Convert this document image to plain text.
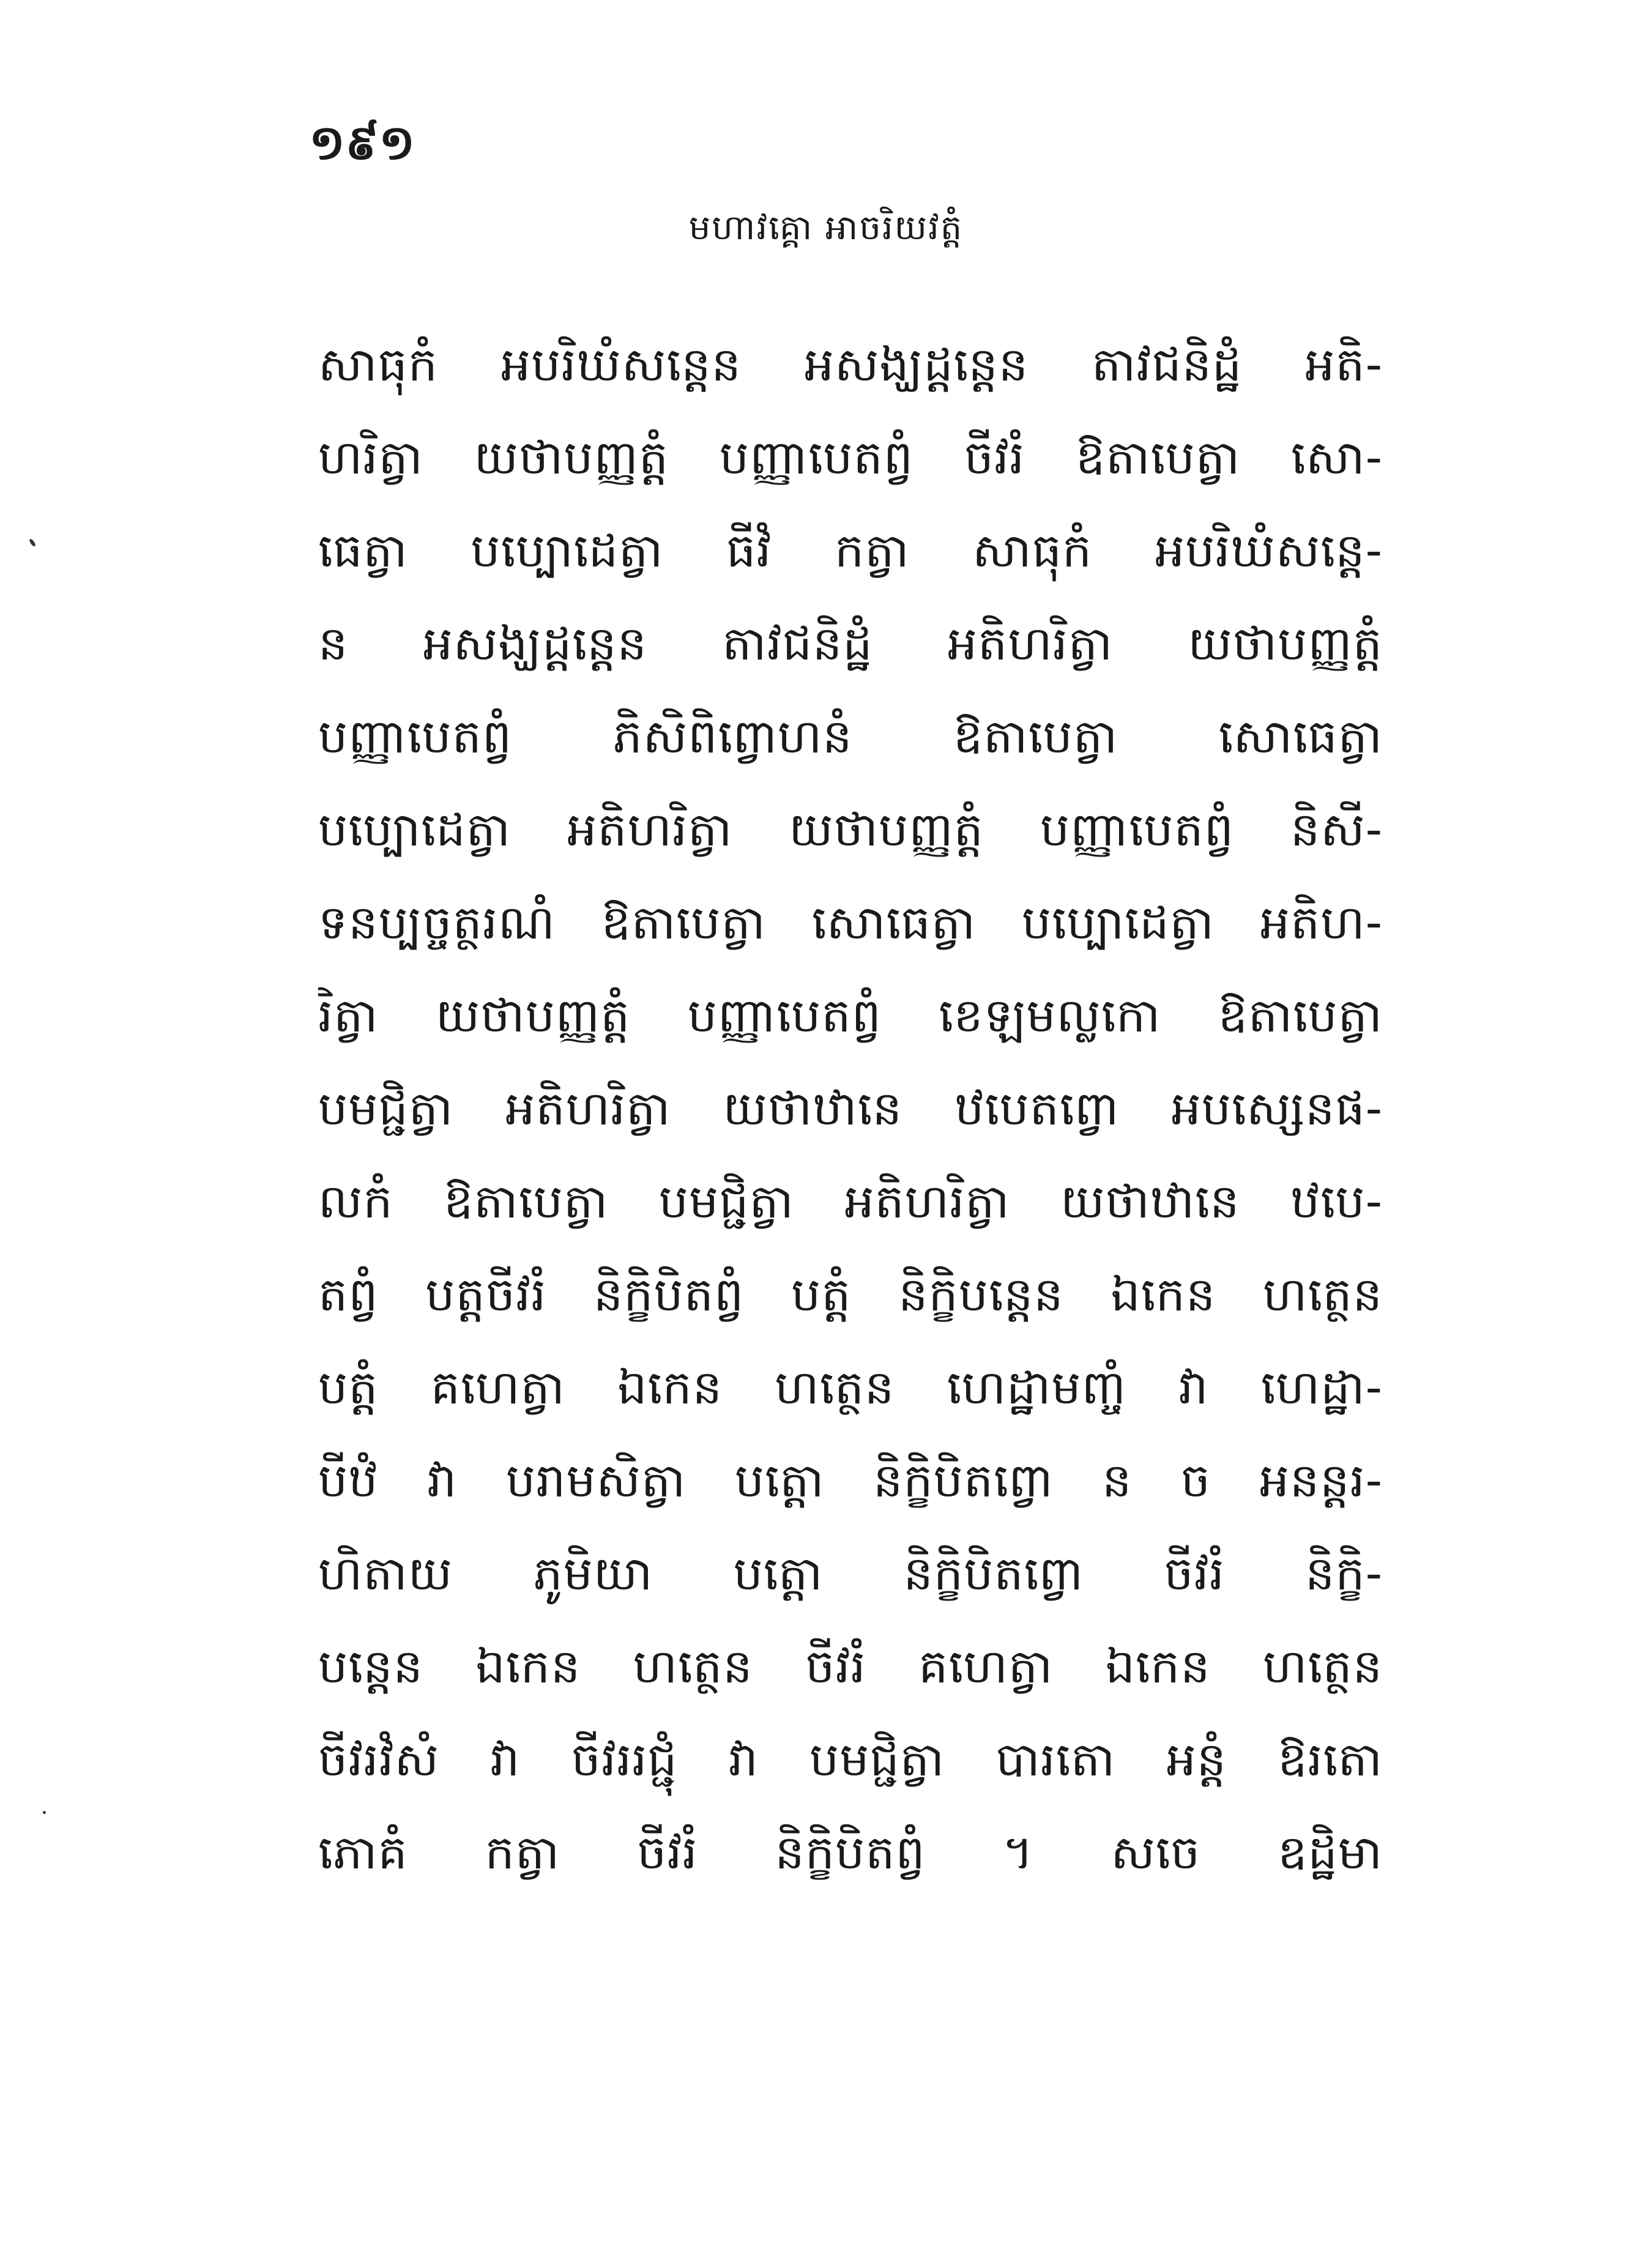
១៩១
មហាវគ្គោ អាចរិយវត្តំ
សាធុកំ អបរិឃំសន្តេន អសង្ឃដ្ដន្តេន តាវជនិដ្ឋំ អតិ-
ហរិត្វា យថាបញ្ញត្តំ បញ្ញាបេតព្វំ ចីវរំ ឱតាបេត្វា សោ-
ធេត្វា បប្បោដេត្វា ធីវំ កត្វា សាធុកំ អបរិឃំសន្តេ-
ន អសង្ឃដ្ដន្តេន តាវជនិដ្ឋំ អតិហរិត្វា យថាបញ្ញត្តំ
បញ្ញាបេតព្វំ ភិសិពិព្វោហនំ ឱតាបេត្វា សោធេត្វា
បប្បោដេត្វា អតិហរិត្វា យថាបញ្ញត្តំ បញ្ញាបេតព្វំ និសី-
ទនប្បច្ចត្ថរណំ ឱតាបេត្វា សោធេត្វា បប្បោដេត្វា អតិហ-
រិត្វា យថាបញ្ញត្តំ បញ្ញាបេតព្វំ ខេឡមល្លកោ ឱតាបេត្វា
បមជ្ជិត្វា អតិហរិត្វា យថាឋានេ ឋបេតព្វោ អបស្សេនផ-
លកំ ឱតាបេត្វា បមជ្ជិត្វា អតិហរិត្វា យថាឋានេ ឋបេ-
តព្វំ បត្តចីវរំ និក្ខិបិតព្វំ បត្តំ និក្ខិបន្តេន ឯកេន ហត្ថេន
បត្តំ គហេត្វា ឯកេន ហត្ថេន ហេដ្ឋាមញ្ចំ វា ហេដ្ឋា-
បីឋំ វា បរាមសិត្វា បត្តោ និក្ខិបិតព្វោ ន ច អនន្តរ-
ហិតាយ ភូមិយា បត្តោ និក្ខិបិតព្វោ ចីវរំ និក្ខិ-
បន្តេន ឯកេន ហត្ថេន ចីវរំ គហេត្វា ឯកេន ហត្ថេន
ចីវរវំសំ វា ចីវររជ្ជុំ វា បមជ្ជិត្វា បារតោ អន្តំ ឱរតោ
ភោគំ កត្វា ចីវរំ និក្ខិបិតព្វំ ។ សចេ ឧដ្ឋិមា
